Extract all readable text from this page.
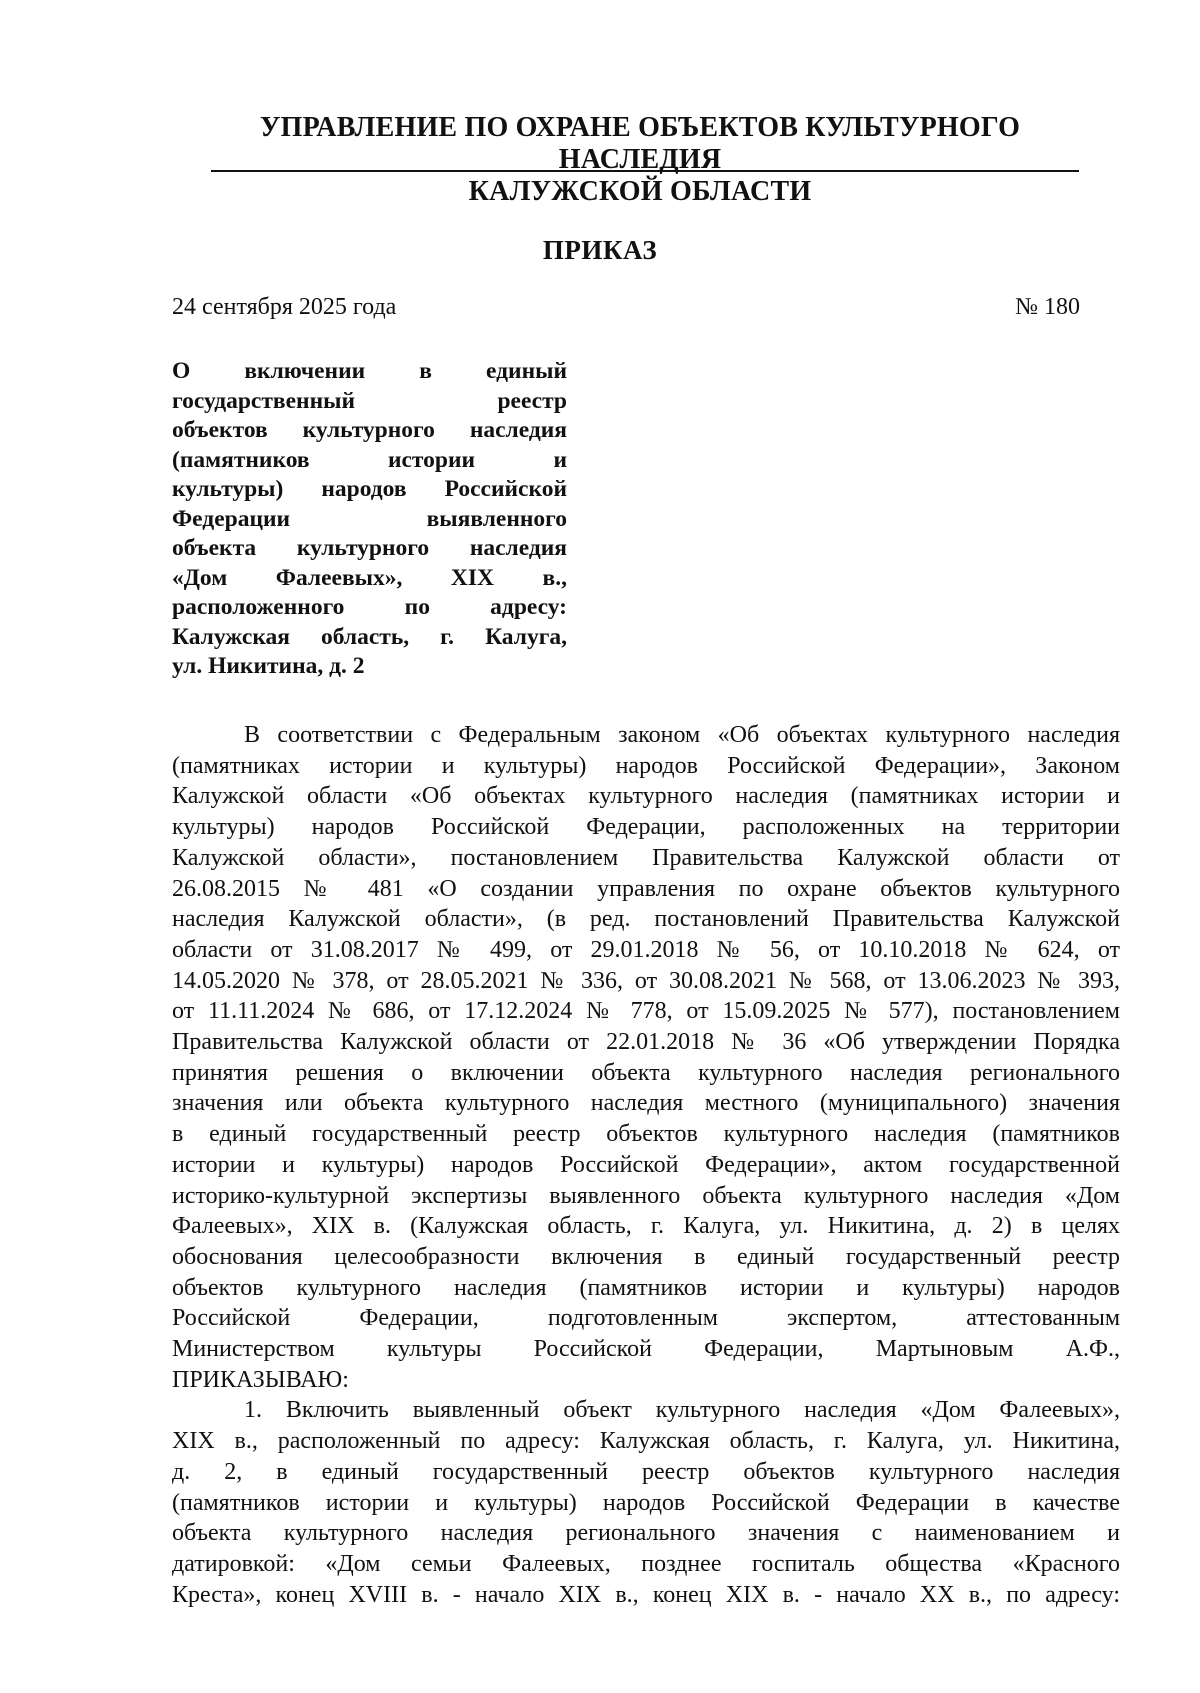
УПРАВЛЕНИЕ ПО ОХРАНЕ ОБЪЕКТОВ КУЛЬТУРНОГО НАСЛЕДИЯ
КАЛУЖСКОЙ ОБЛАСТИ
ПРИКАЗ
24 сентября 2025 года	№ 180
О включении в единый
государственный реестр
объектов культурного наследия
(памятников истории и
культуры) народов Российской
Федерации выявленного
объекта культурного наследия
«Дом Фалеевых», XIX в.,
расположенного по адресу:
Калужская область, г. Калуга,
ул. Никитина, д. 2
В соответствии с Федеральным законом «Об объектах культурного наследия
(памятниках истории и культуры) народов Российской Федерации», Законом
Калужской области «Об объектах культурного наследия (памятниках истории и
культуры) народов Российской Федерации, расположенных на территории
Калужской области», постановлением Правительства Калужской области от
26.08.2015 № 481 «О создании управления по охране объектов культурного
наследия Калужской области», (в ред. постановлений Правительства Калужской
области от 31.08.2017 № 499, от 29.01.2018 № 56, от 10.10.2018 № 624, от
14.05.2020 № 378, от 28.05.2021 № 336, от 30.08.2021 № 568, от 13.06.2023 № 393,
от 11.11.2024 № 686, от 17.12.2024 № 778, от 15.09.2025 № 577), постановлением
Правительства Калужской области от 22.01.2018 № 36 «Об утверждении Порядка
принятия решения о включении объекта культурного наследия регионального
значения или объекта культурного наследия местного (муниципального) значения
в единый государственный реестр объектов культурного наследия (памятников
истории и культуры) народов Российской Федерации», актом государственной
историко-культурной экспертизы выявленного объекта культурного наследия «Дом
Фалеевых», XIX в. (Калужская область, г. Калуга, ул. Никитина, д. 2) в целях
обоснования целесообразности включения в единый государственный реестр
объектов культурного наследия (памятников истории и культуры) народов
Российской Федерации, подготовленным экспертом, аттестованным
Министерством культуры Российской Федерации, Мартыновым А.Ф.,
ПРИКАЗЫВАЮ:
1. Включить выявленный объект культурного наследия «Дом Фалеевых»,
XIX в., расположенный по адресу: Калужская область, г. Калуга, ул. Никитина,
д. 2, в единый государственный реестр объектов культурного наследия
(памятников истории и культуры) народов Российской Федерации в качестве
объекта культурного наследия регионального значения с наименованием и
датировкой: «Дом семьи Фалеевых, позднее госпиталь общества «Красного
Креста», конец XVIII в. - начало XIX в., конец XIX в. - начало XX в., по адресу:
